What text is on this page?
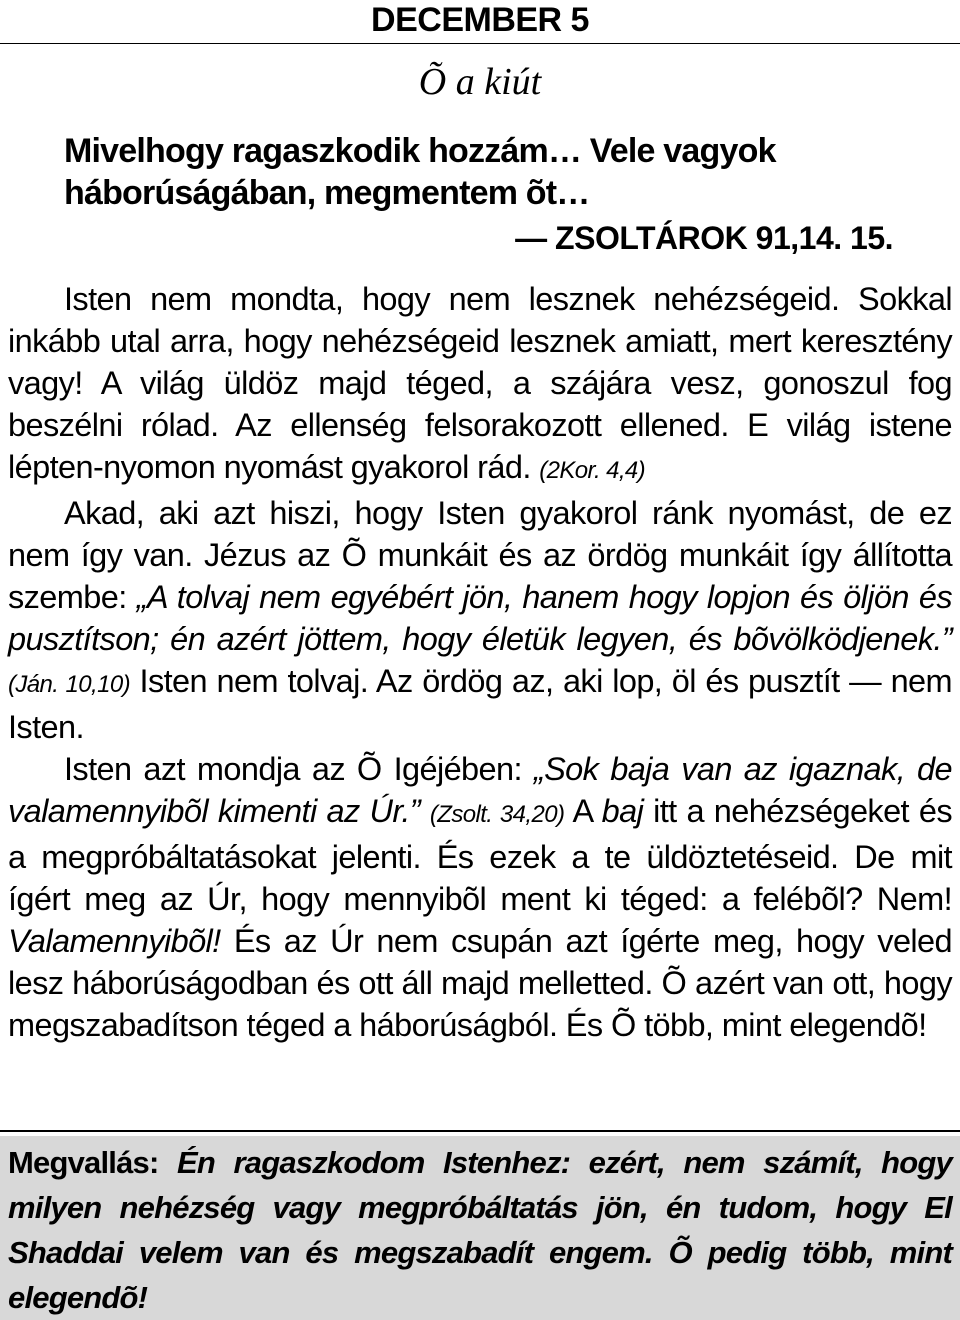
DECEMBER 5
Õ a kiút
Mivelhogy ragaszkodik hozzám… Vele vagyok
háborúságában, megmentem õt…
— ZSOLTÁROK 91,14. 15.

Isten nem mondta, hogy nem lesznek nehézségeid. Sokkal inkább utal arra, hogy nehézségeid lesznek amiatt, mert keresztény vagy! A világ üldöz majd téged, a szájára vesz, gonoszul fog beszélni rólad. Az ellenség felsorakozott ellened. E világ istene lépten-nyomon nyomást gyakorol rád. (2Kor. 4,4)

Akad, aki azt hiszi, hogy Isten gyakorol ránk nyomást, de ez nem így van. Jézus az Õ munkáit és az ördög munkáit így állította szembe: „A tolvaj nem egyébért jön, hanem hogy lopjon és öljön és pusztítson; én azért jöttem, hogy életük legyen, és bõvölködjenek.” (Ján. 10,10) Isten nem tolvaj. Az ördög az, aki lop, öl és pusztít — nem Isten.

Isten azt mondja az Õ Igéjében: „Sok baja van az igaznak, de valamennyibõl kimenti az Úr.” (Zsolt. 34,20) A baj itt a nehézségeket és a megpróbáltatásokat jelenti. És ezek a te üldöztetéseid. De mit ígért meg az Úr, hogy mennyibõl ment ki téged: a felébõl? Nem! Valamennyibõl! És az Úr nem csupán azt ígérte meg, hogy veled lesz háborúságodban és ott áll majd melletted. Õ azért van ott, hogy megszabadítson téged a háborúságból. És Õ több, mint elegendõ!

Megvallás: Én ragaszkodom Istenhez: ezért, nem számít, hogy milyen nehézség vagy megpróbáltatás jön, én tudom, hogy El Shaddai velem van és megszabadít engem. Õ pedig több, mint elegendõ!
